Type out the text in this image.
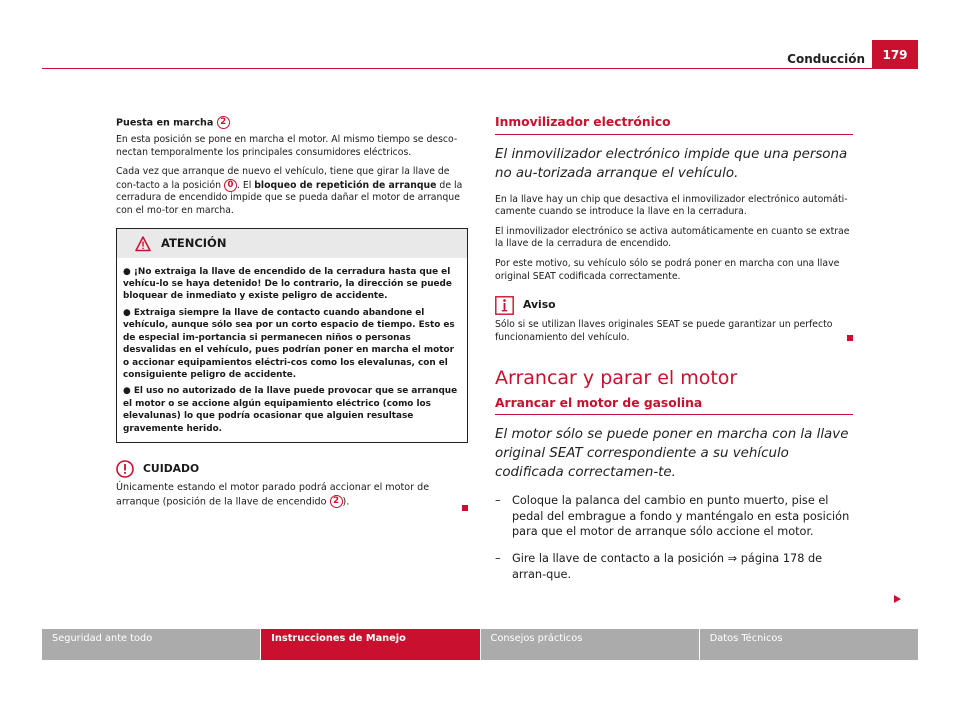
Conducción	179
Puesta en marcha 2

En esta posición se pone en marcha el motor. Al mismo tiempo se desco-nectan temporalmente los principales consumidores eléctricos.

Cada vez que arranque de nuevo el vehículo, tiene que girar la llave de con-tacto a la posición 0 . El bloqueo de repetición de arranque de la cerradura de encendido impide que se pueda dañar el motor de arranque con el mo-tor en marcha.

ATENCIÓN
● ¡No extraiga la llave de encendido de la cerradura hasta que el vehícu-lo se haya detenido! De lo contrario, la dirección se puede bloquear de inmediato y existe peligro de accidente.
● Extraiga siempre la llave de contacto cuando abandone el vehículo, aunque sólo sea por un corto espacio de tiempo. Esto es de especial im-portancia si permanecen niños o personas desvalidas en el vehículo, pues podrían poner en marcha el motor o accionar equipamientos eléctri-cos como los elevalunas, con el consiguiente peligro de accidente.
● El uso no autorizado de la llave puede provocar que se arranque el motor o se accione algún equipamiento eléctrico (como los elevalunas) lo que podría ocasionar que alguien resultase gravemente herido.
CUIDADO

Únicamente estando el motor parado podrá accionar el motor de arranque (posición de la llave de encendido 2 ).

Inmovilizador electrónico
El inmovilizador electrónico impide que una persona no au-torizada arranque el vehículo.

En la llave hay un chip que desactiva el inmovilizador electrónico automáti-camente cuando se introduce la llave en la cerradura.

El inmovilizador electrónico se activa automáticamente en cuanto se extrae la llave de la cerradura de encendido.

Por este motivo, su vehículo sólo se podrá poner en marcha con una llave original SEAT codificada correctamente.

Aviso

Sólo si se utilizan llaves originales SEAT se puede garantizar un perfecto funcionamiento del vehículo.

Arrancar y parar el motor
Arrancar el motor de gasolina
El motor sólo se puede poner en marcha con la llave original SEAT correspondiente a su vehículo codificada correctamen-te.
–	Coloque la palanca del cambio en punto muerto, pise el pedal del embrague a fondo y manténgalo en esta posición para que el motor de arranque sólo accione el motor.
–	Gire la llave de contacto a la posición ⇒ página 178 de arran-que.
Seguridad ante todo	Instrucciones de Manejo	Consejos prácticos	Datos Técnicos
